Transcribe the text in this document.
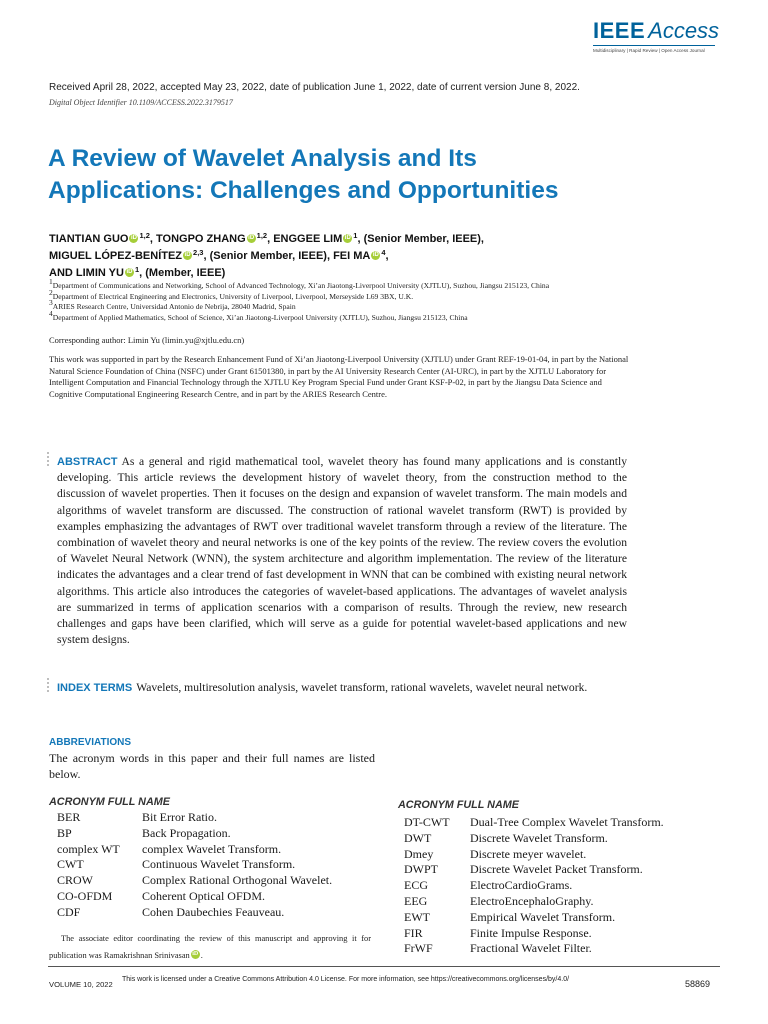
IEEE Access
Multidisciplinary | Rapid Review | Open Access Journal
Received April 28, 2022, accepted May 23, 2022, date of publication June 1, 2022, date of current version June 8, 2022.
Digital Object Identifier 10.1109/ACCESS.2022.3179517
A Review of Wavelet Analysis and Its
Applications: Challenges and Opportunities
TIANTIAN GUO iD $^{1,2}$, TONGPO ZHANG iD $^{1,2}$, ENGGEE LIM iD $^1$, (Senior Member, IEEE),
MIGUEL LÓPEZ-BENÍTEZ iD $^{2,3}$, (Senior Member, IEEE), FEI MA iD $^4$,
AND LIMIN YU iD $^1$, (Member, IEEE)
$^1$Department of Communications and Networking, School of Advanced Technology, Xi’an Jiaotong-Liverpool University (XJTLU), Suzhou, Jiangsu 215123, China
$^2$Department of Electrical Engineering and Electronics, University of Liverpool, Liverpool, Merseyside L69 3BX, U.K.
$^3$ARIES Research Centre, Universidad Antonio de Nebrija, 28040 Madrid, Spain
$^4$Department of Applied Mathematics, School of Science, Xi’an Jiaotong-Liverpool University (XJTLU), Suzhou, Jiangsu 215123, China
Corresponding author: Limin Yu (limin.yu@xjtlu.edu.cn)
This work was supported in part by the Research Enhancement Fund of Xi’an Jiaotong-Liverpool University (XJTLU) under Grant REF-19-01-04, in part by the National Natural Science Foundation of China (NSFC) under Grant 61501380, in part by the AI University Research Center (AI-URC), in part by the XJTLU Laboratory for Intelligent Computation and Financial Technology through the XJTLU Key Program Special Fund under Grant KSF-P-02, in part by the Jiangsu Data Science and Cognitive Computational Engineering Research Centre, and in part by the ARIES Research Centre.
ABSTRACT As a general and rigid mathematical tool, wavelet theory has found many applications and is constantly developing. This article reviews the development history of wavelet theory, from the construction method to the discussion of wavelet properties. Then it focuses on the design and expansion of wavelet transform. The main models and algorithms of wavelet transform are discussed. The construction of rational wavelet transform (RWT) is provided by examples emphasizing the advantages of RWT over traditional wavelet transform through a review of the literature. The combination of wavelet theory and neural networks is one of the key points of the review. The review covers the evolution of Wavelet Neural Network (WNN), the system architecture and algorithm implementation. The review of the literature indicates the advantages and a clear trend of fast development in WNN that can be combined with existing neural network algorithms. This article also introduces the categories of wavelet-based applications. The advantages of wavelet analysis are summarized in terms of application scenarios with a comparison of results. Through the review, new research challenges and gaps have been clarified, which will serve as a guide for potential wavelet-based applications and new system designs.
INDEX TERMS Wavelets, multiresolution analysis, wavelet transform, rational wavelets, wavelet neural network.
ABBREVIATIONS
The acronym words in this paper and their full names are listed below.
ACRONYM FULL NAME
BER	Bit Error Ratio.
BP	Back Propagation.
complex WT	complex Wavelet Transform.
CWT	Continuous Wavelet Transform.
CROW	Complex Rational Orthogonal Wavelet.
CO-OFDM	Coherent Optical OFDM.
CDF	Cohen Daubechies Feauveau.
ACRONYM FULL NAME
DT-CWT	Dual-Tree Complex Wavelet Transform.
DWT	Discrete Wavelet Transform.
Dmey	Discrete meyer wavelet.
DWPT	Discrete Wavelet Packet Transform.
ECG	ElectroCardioGrams.
EEG	ElectroEncephaloGraphy.
EWT	Empirical Wavelet Transform.
FIR	Finite Impulse Response.
FrWF	Fractional Wavelet Filter.
The associate editor coordinating the review of this manuscript and approving it for publication was Ramakrishnan Srinivasan iD .
VOLUME 10, 2022
This work is licensed under a Creative Commons Attribution 4.0 License. For more information, see https://creativecommons.org/licenses/by/4.0/	58869
